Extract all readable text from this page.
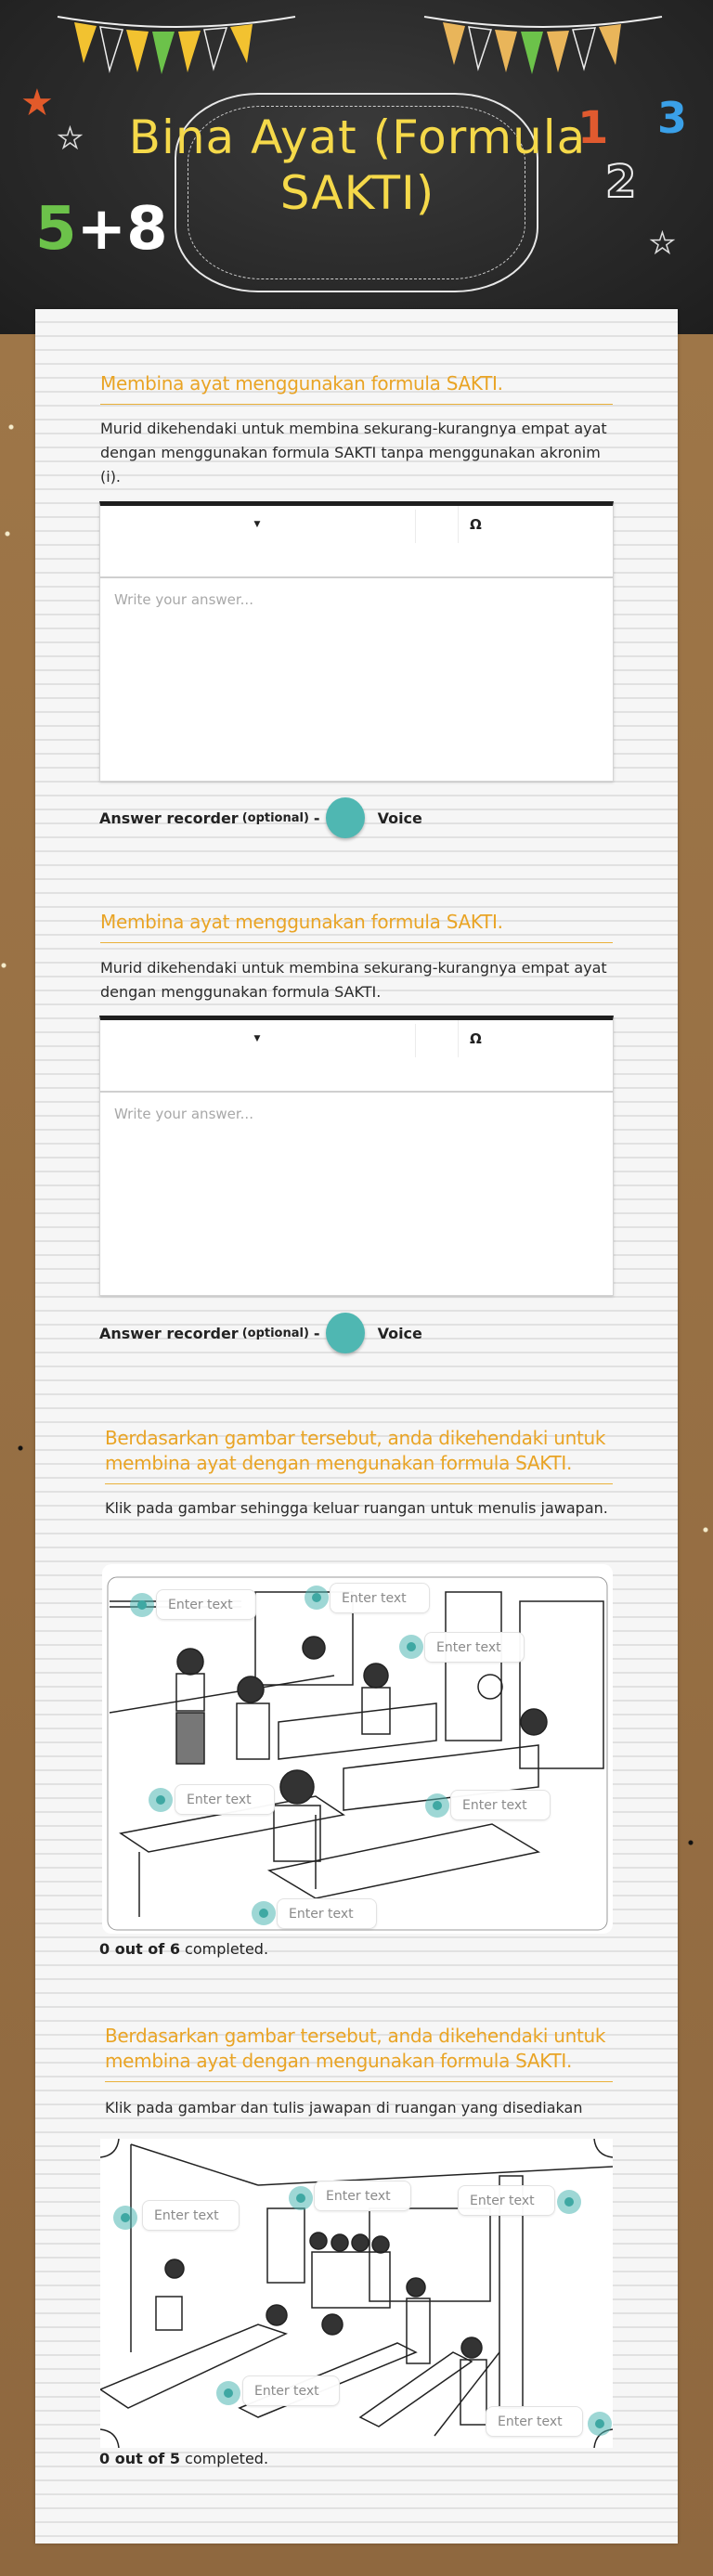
Bina Ayat (Formula
SAKTI)
5+8
1 3
2
★
★
★
Membina ayat menggunakan formula SAKTI.

Murid dikehendaki untuk membina sekurang-kurangnya empat ayat dengan menggunakan formula SAKTI tanpa menggunakan akronim (i).

▼	Ω
Write your answer...
Answer recorder (optional) -	Voice
Membina ayat menggunakan formula SAKTI.

Murid dikehendaki untuk membina sekurang-kurangnya empat ayat dengan menggunakan formula SAKTI.

▼	Ω
Write your answer...
Answer recorder (optional) -	Voice
Berdasarkan gambar tersebut, anda dikehendaki untuk membina ayat dengan mengunakan formula SAKTI.

Klik pada gambar sehingga keluar ruangan untuk menulis jawapan.

Enter text	Enter text
Enter text
Enter text	Enter text
Enter text
0 out of 6 completed.
Berdasarkan gambar tersebut, anda dikehendaki untuk membina ayat dengan mengunakan formula SAKTI.

Klik pada gambar dan tulis jawapan di ruangan yang disediakan

Enter text
Enter text	Enter text
Enter text
Enter text
0 out of 5 completed.
